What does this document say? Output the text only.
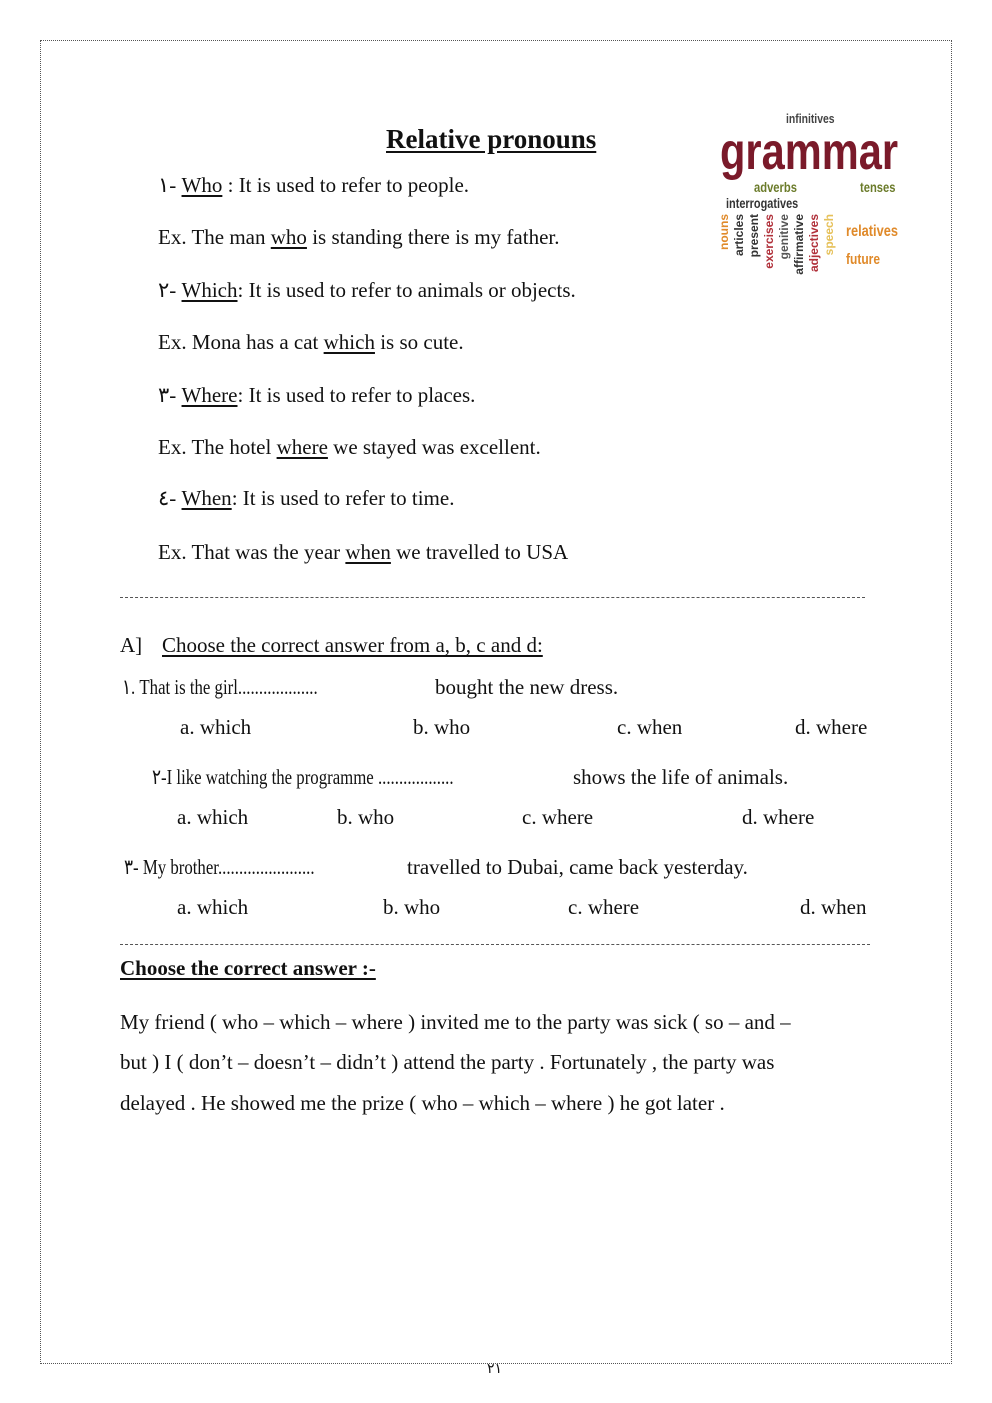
Relative pronouns
infinitives
grammar
adverbs	tenses
interrogatives
nouns articles present exercises genitive affirmative adjectives speech relatives
future
١- Who : It is used to refer to people.
Ex. The man who is standing there is my father.
٢- Which: It is used to refer to animals or objects.
Ex. Mona has a cat which is so cute.
٣- Where: It is used to refer to places.
Ex. The hotel where we stayed was excellent.
٤- When: It is used to refer to time.
Ex. That was the year when we travelled to USA
A] Choose the correct answer from a, b, c and d:
١. That is the girl...................	bought the new dress.
a. which	b. who	c. when	d. where
٢-I like watching the programme ..................	shows the life of animals.
a. which	b. who	c. where	d. where
٣- My brother.......................	travelled to Dubai, came back yesterday.
a. which	b. who	c. where	d. when
Choose the correct answer :-
My friend ( who – which – where ) invited me to the party was sick ( so – and –
but ) I ( don’t – doesn’t – didn’t ) attend the party . Fortunately , the party was
delayed . He showed me the prize ( who – which – where ) he got later .
٢١
